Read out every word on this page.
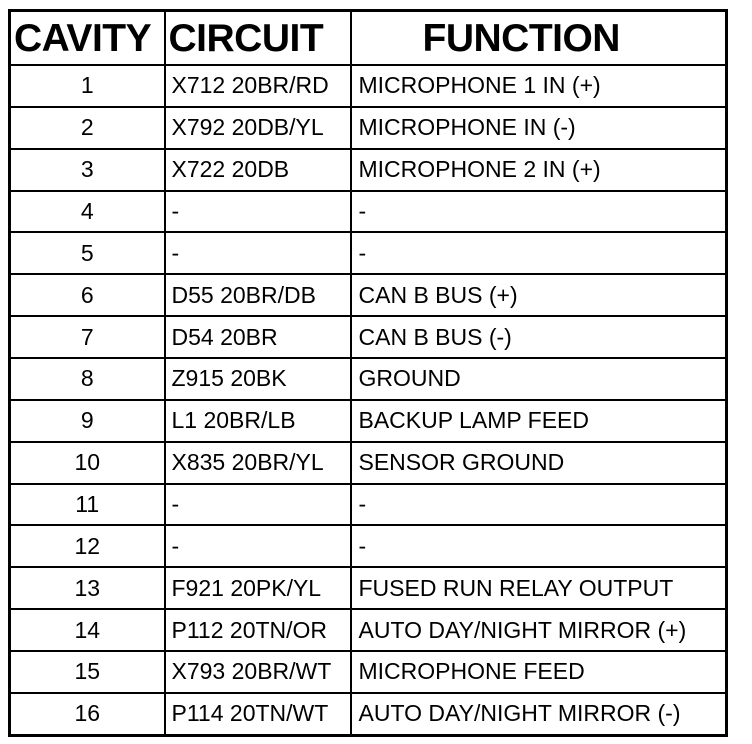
CAVITY	CIRCUIT	FUNCTION
1	X712 20BR/RD	MICROPHONE 1 IN (+)
2	X792 20DB/YL	MICROPHONE IN (-)
3	X722 20DB	MICROPHONE 2 IN (+)
4	-	-
5	-	-
6	D55 20BR/DB	CAN B BUS (+)
7	D54 20BR	CAN B BUS (-)
8	Z915 20BK	GROUND
9	L1 20BR/LB	BACKUP LAMP FEED
10	X835 20BR/YL	SENSOR GROUND
11	-	-
12	-	-
13	F921 20PK/YL	FUSED RUN RELAY OUTPUT
14	P112 20TN/OR	AUTO DAY/NIGHT MIRROR (+)
15	X793 20BR/WT	MICROPHONE FEED
16	P114 20TN/WT	AUTO DAY/NIGHT MIRROR (-)
